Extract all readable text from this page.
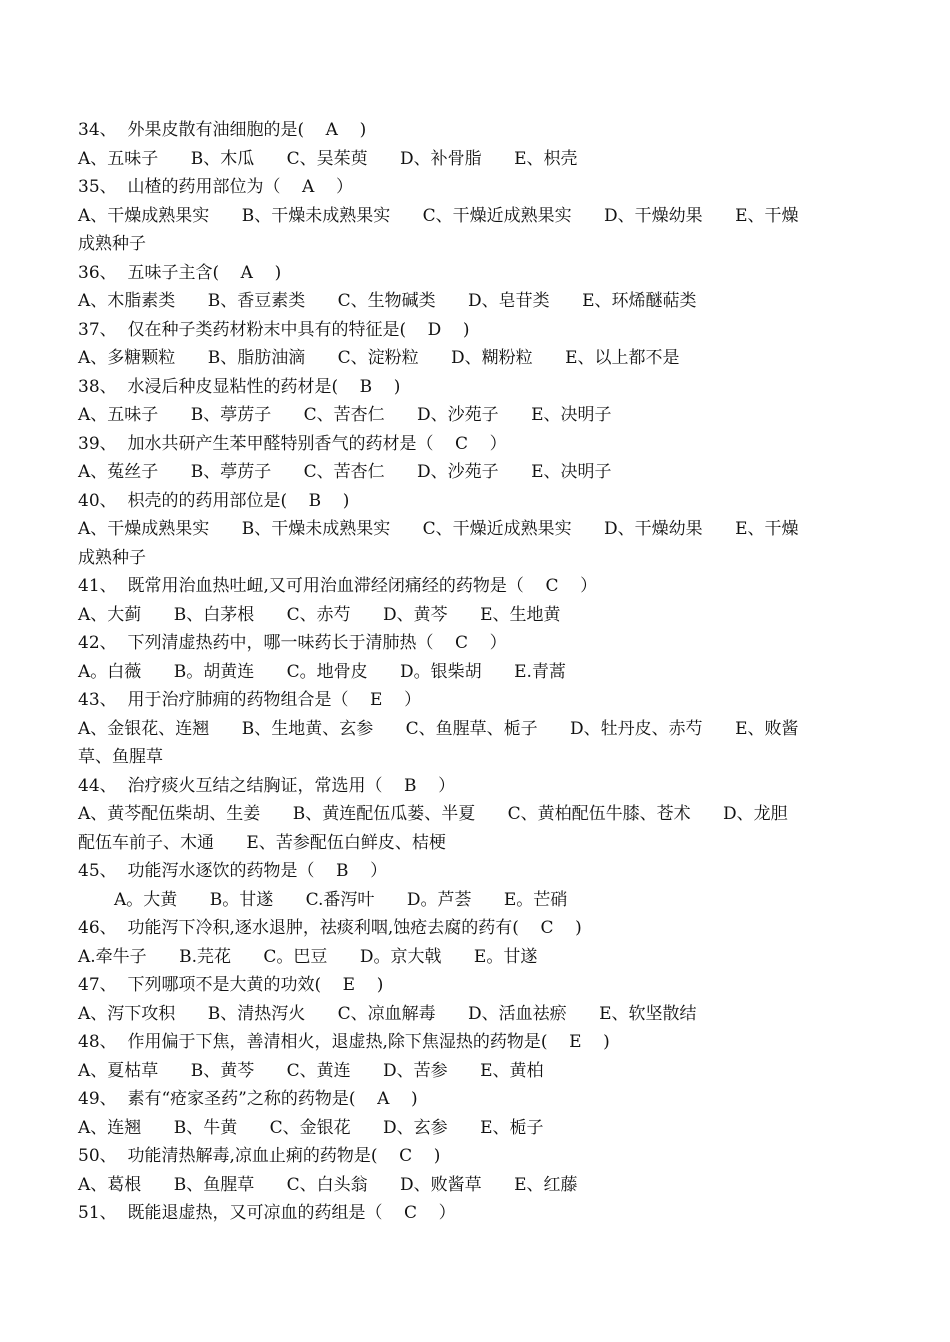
34、  外果皮散有油细胞的是(    A    )
A、五味子      B、木瓜      C、吴茱萸      D、补骨脂      E、枳壳
35、  山楂的药用部位为（    A    ）
A、干燥成熟果实      B、干燥未成熟果实      C、干燥近成熟果实      D、干燥幼果      E、干燥
成熟种子
36、  五味子主含(    A    )
A、木脂素类      B、香豆素类      C、生物碱类      D、皂苷类      E、环烯醚萜类
37、  仅在种子类药材粉末中具有的特征是(    D    )
A、多糖颗粒      B、脂肪油滴      C、淀粉粒      D、糊粉粒      E、以上都不是
38、  水浸后种皮显粘性的药材是(    B    )
A、五味子      B、葶苈子      C、苦杏仁      D、沙苑子      E、决明子
39、  加水共研产生苯甲醛特别香气的药材是（    C    ）
A、菟丝子      B、葶苈子      C、苦杏仁      D、沙苑子      E、决明子
40、  枳壳的的药用部位是(    B    )
A、干燥成熟果实      B、干燥未成熟果实      C、干燥近成熟果实      D、干燥幼果      E、干燥
成熟种子
41、  既常用治血热吐衄,又可用治血滞经闭痛经的药物是（    C    ）
A、大蓟      B、白茅根      C、赤芍      D、黄芩      E、生地黄
42、  下列清虚热药中，哪一味药长于清肺热（    C    ）
A。白薇      B。胡黄连      C。地骨皮      D。银柴胡      E.青蒿
43、  用于治疗肺痈的药物组合是（    E    ）
A、金银花、连翘      B、生地黄、玄参      C、鱼腥草、栀子      D、牡丹皮、赤芍      E、败酱
草、鱼腥草
44、  治疗痰火互结之结胸证，常选用（    B    ）
A、黄芩配伍柴胡、生姜      B、黄连配伍瓜蒌、半夏      C、黄柏配伍牛膝、苍术      D、龙胆
配伍车前子、木通      E、苦参配伍白鲜皮、桔梗
45、  功能泻水逐饮的药物是（    B    ）
A。大黄      B。甘遂      C.番泻叶      D。芦荟      E。芒硝
46、  功能泻下冷积,逐水退肿，祛痰利咽,蚀疮去腐的药有(    C    )
A.牵牛子      B.芫花      C。巴豆      D。京大戟      E。甘遂
47、  下列哪项不是大黄的功效(    E    )
A、泻下攻积      B、清热泻火      C、凉血解毒      D、活血祛瘀      E、软坚散结
48、  作用偏于下焦，善清相火，退虚热,除下焦湿热的药物是(    E    )
A、夏枯草      B、黄芩      C、黄连      D、苦参      E、黄柏
49、  素有“疮家圣药”之称的药物是(    A    )
A、连翘      B、牛黄      C、金银花      D、玄参      E、栀子
50、  功能清热解毒,凉血止痢的药物是(    C    )
A、葛根      B、鱼腥草      C、白头翁      D、败酱草      E、红藤
51、  既能退虚热，又可凉血的药组是（    C    ）
